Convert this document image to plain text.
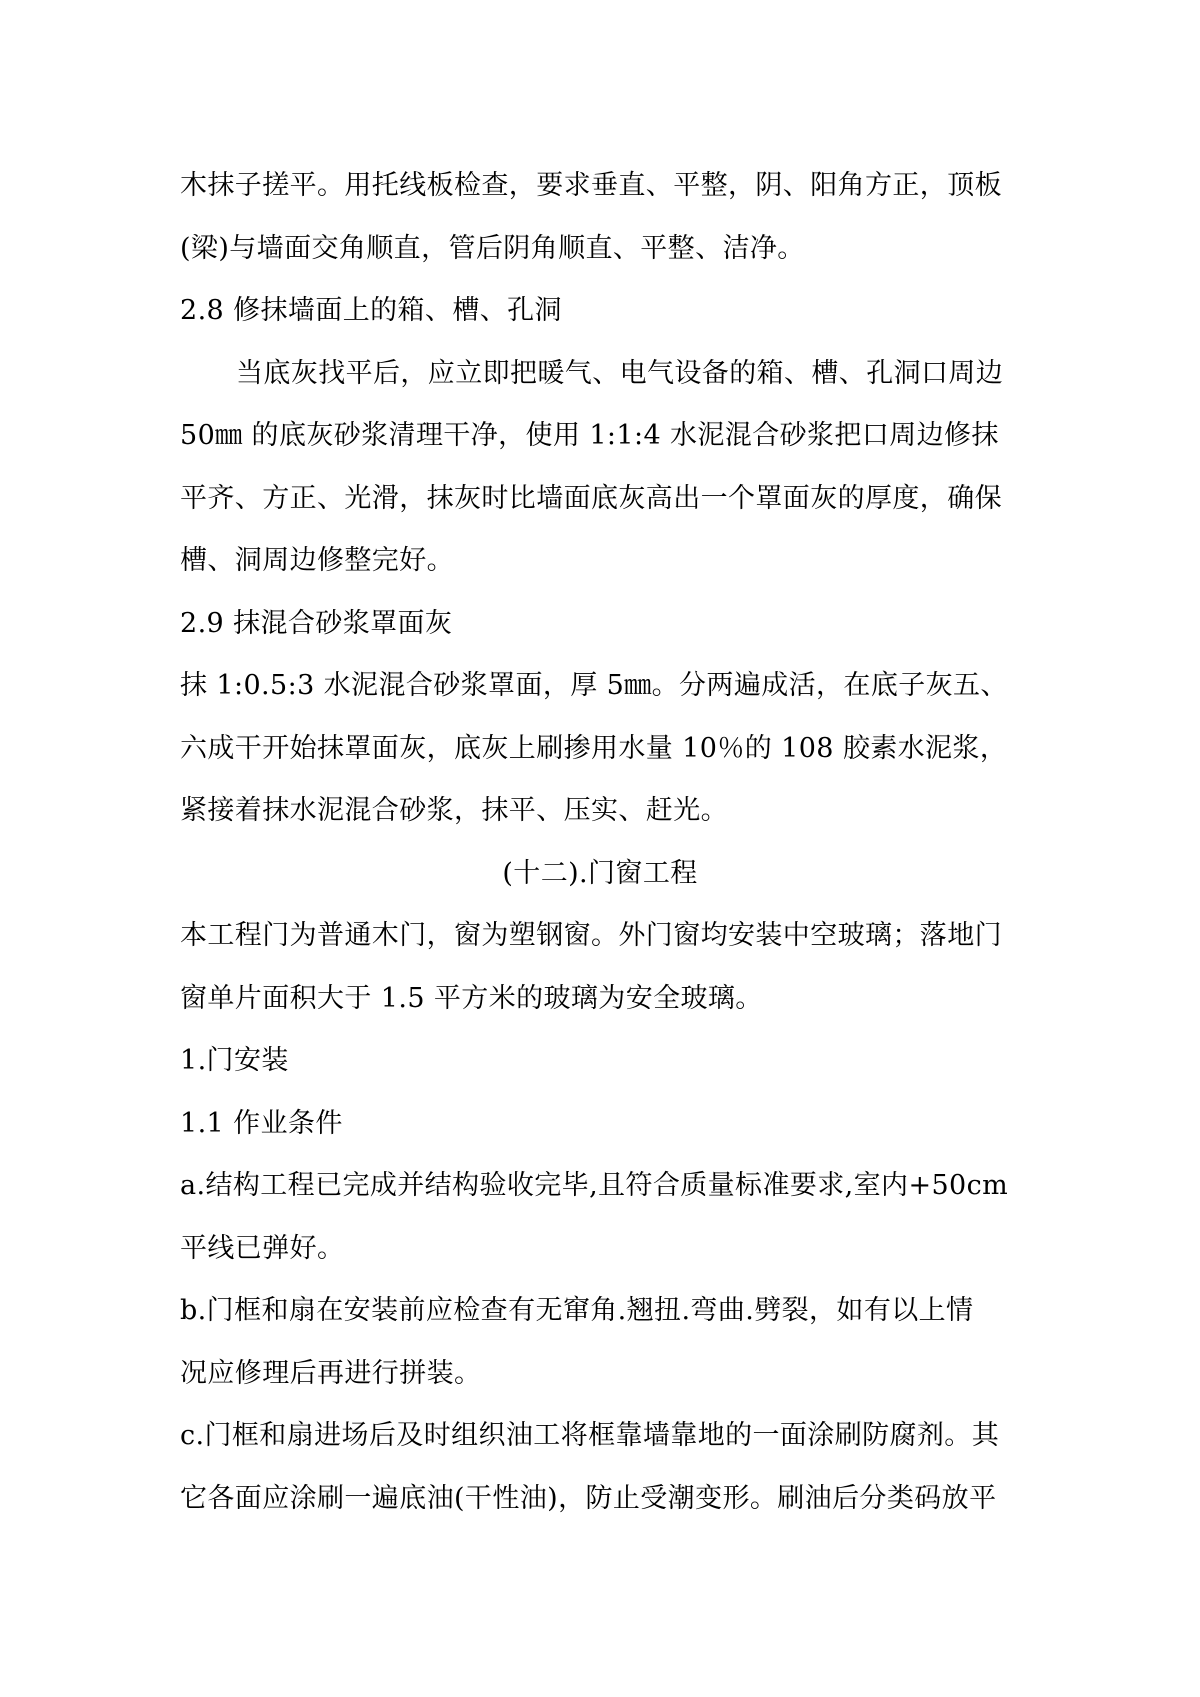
木抹子搓平。用托线板检查，要求垂直、平整，阴、阳角方正，顶板
(梁)与墙面交角顺直，管后阴角顺直、平整、洁净。
2.8 修抹墙面上的箱、槽、孔洞
当底灰找平后，应立即把暖气、电气设备的箱、槽、孔洞口周边
50㎜ 的底灰砂浆清理干净，使用 1:1:4 水泥混合砂浆把口周边修抹
平齐、方正、光滑，抹灰时比墙面底灰高出一个罩面灰的厚度，确保
槽、洞周边修整完好。
2.9 抹混合砂浆罩面灰
抹 1:0.5:3 水泥混合砂浆罩面，厚 5㎜。分两遍成活，在底子灰五、
六成干开始抹罩面灰，底灰上刷掺用水量 10％的 108 胶素水泥浆，
紧接着抹水泥混合砂浆，抹平、压实、赶光。
(十二).门窗工程
本工程门为普通木门，窗为塑钢窗。外门窗均安装中空玻璃；落地门
窗单片面积大于 1.5 平方米的玻璃为安全玻璃。
1.门安装
1.1 作业条件
a.结构工程已完成并结构验收完毕,且符合质量标准要求,室内+50cm
平线已弹好。
b.门框和扇在安装前应检查有无窜角.翘扭.弯曲.劈裂，如有以上情
况应修理后再进行拼装。
c.门框和扇进场后及时组织油工将框靠墙靠地的一面涂刷防腐剂。其
它各面应涂刷一遍底油(干性油)，防止受潮变形。刷油后分类码放平
